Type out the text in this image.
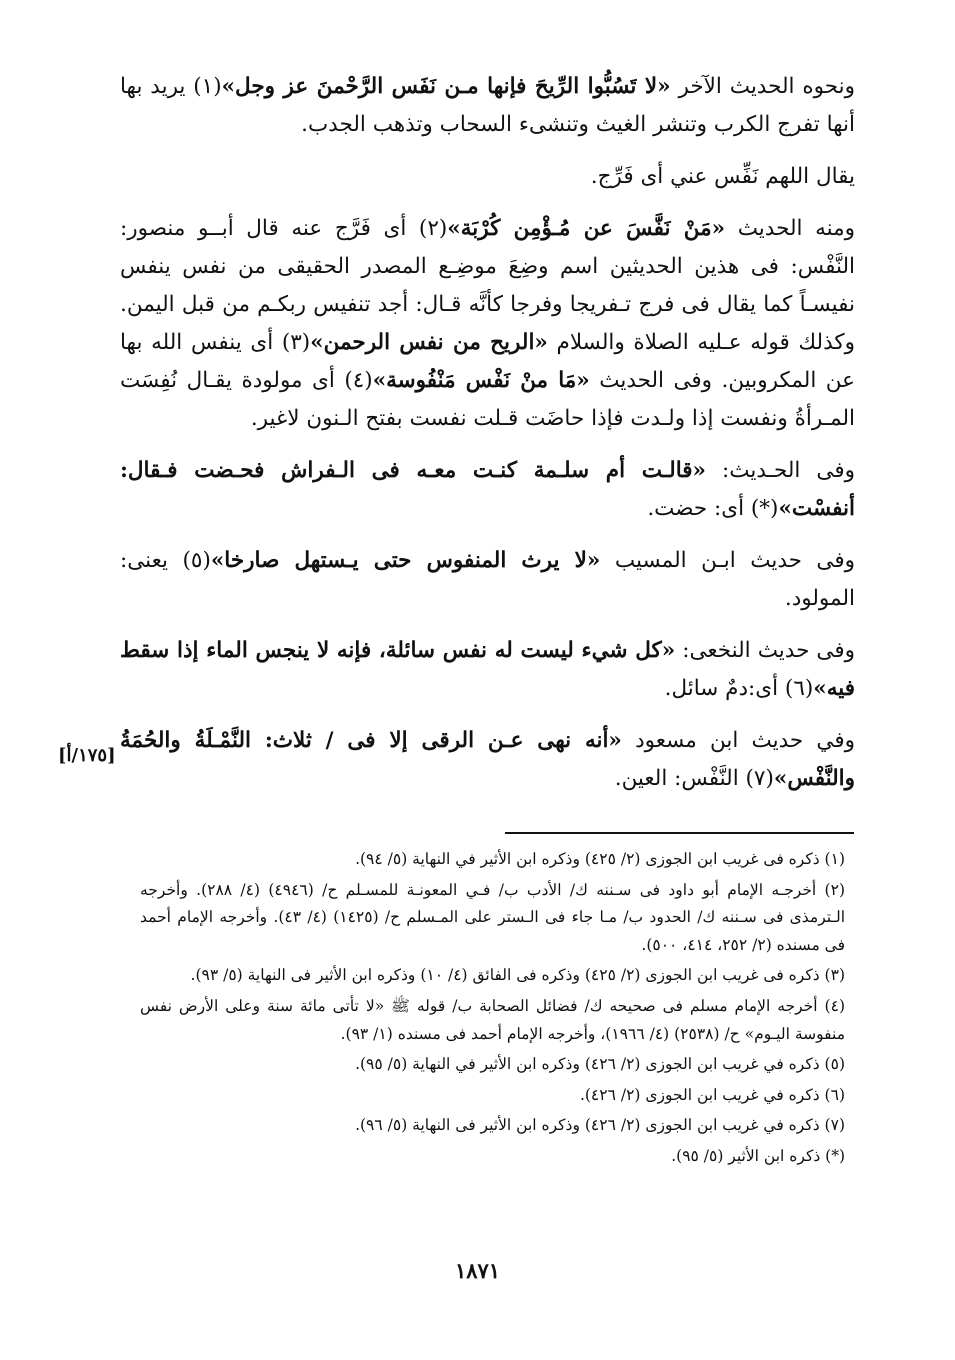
ونحوه الحديث الآخر «لا تَسُبُّوا الرِّيحَ فإنها مـن نَفَس الرَّحْمنَ عز وجل»(١) يريد بها أنها تفرج الكرب وتنشر الغيث وتنشىء السحاب وتذهب الجدب.

يقال اللهم نَفِّس عني أى فَرِّج.

ومنه الحديث «مَنْ نَفَّسَ عن مُـؤْمِن كُرْبَة»(٢) أى فَرَّج عنه قال أبــو منصور: النَّفْس: فى هذين الحديثين اسم وضِعَ موضِـع المصدر الحقيقى من نفس ينفس نفيسـاً كما يقال فى فرج تـفريجا وفرجا كأنَّه قـال: أجد تنفيس ربكـم من قبل اليمن. وكذلك قوله عـليه الصلاة والسلام «الريح من نفس الرحمن»(٣) أى ينفس الله بها عن المكروبين. وفى الحديث «مَا منْ نَفْس مَنْفُوسة»(٤) أى مولودة يقـال نُفِسَت المـرأةُ ونفست إذا ولـدت فإذا حاضَت قـلت نفست بفتح الـنون لاغير.

وفى الحـديث: «قالـت أم سلـمة كنـت معـه فى الـفراش فحـضت فـقال: أنفسْت»(*) أى: حضت.

وفى حديث ابـن المسيب «لا يرث المنفوس حتى يـستهل صارخا»(٥) يعنى: المولود.

وفى حديث النخعى: «كل شيء ليست له نفس سائلة، فإنه لا ينجس الماء إذا سقط فيه»(٦) أى:دمٌ سائل.

وفي حديث ابن مسعود «أنه نهى عـن الرقى إلا فى / ثلاث: النَّمْـلَةُ والحُمَةُ والنَّفْس»(٧) النَّفْس: العين.

[١٧٥/أ]

(١) ذكره فى غريب ابن الجوزى (٢/ ٤٢٥) وذكره ابن الأثير في النهاية (٥/ ٩٤).

(٢) أخرجـه الإمام أبو داود فى سـننه ك/ الأدب ب/ فـي المعونـة للمسـلم ح/ (٤٩٤٦) (٤/ ٢٨٨). وأخرجه الـترمذى فى سـننه ك/ الحدود ب/ مـا جاء فى الـستر على المـسلم ح/ (١٤٢٥) (٤/ ٤٣). وأخرجه الإمام أحمد فى مسنده (٢/ ٢٥٢، ٤١٤، ٥٠٠).

(٣) ذكره فى غريب ابن الجوزى (٢/ ٤٢٥) وذكره فى الفائق (٤/ ١٠) وذكره ابن الأثير فى النهاية (٥/ ٩٣).

(٤) أخرجه الإمام مسلم فى صحيحه ك/ فضائل الصحابة ب/ قوله ﷺ «لا تأتى مائة سنة وعلى الأرض نفس منفوسة اليـوم» ح/ (٢٥٣٨) (٤/ ١٩٦٦)، وأخرجه الإمام أحمد فى مسنده (١/ ٩٣).

(٥) ذكره في غريب ابن الجوزى (٢/ ٤٢٦) وذكره ابن الأثير في النهاية (٥/ ٩٥).

(٦) ذكره في غريب ابن الجوزى (٢/ ٤٢٦).

(٧) ذكره في غريب ابن الجوزى (٢/ ٤٢٦) وذكره ابن الأثير فى النهاية (٥/ ٩٦).

(*) ذكره ابن الأثير (٥/ ٩٥).

١٨٧١
